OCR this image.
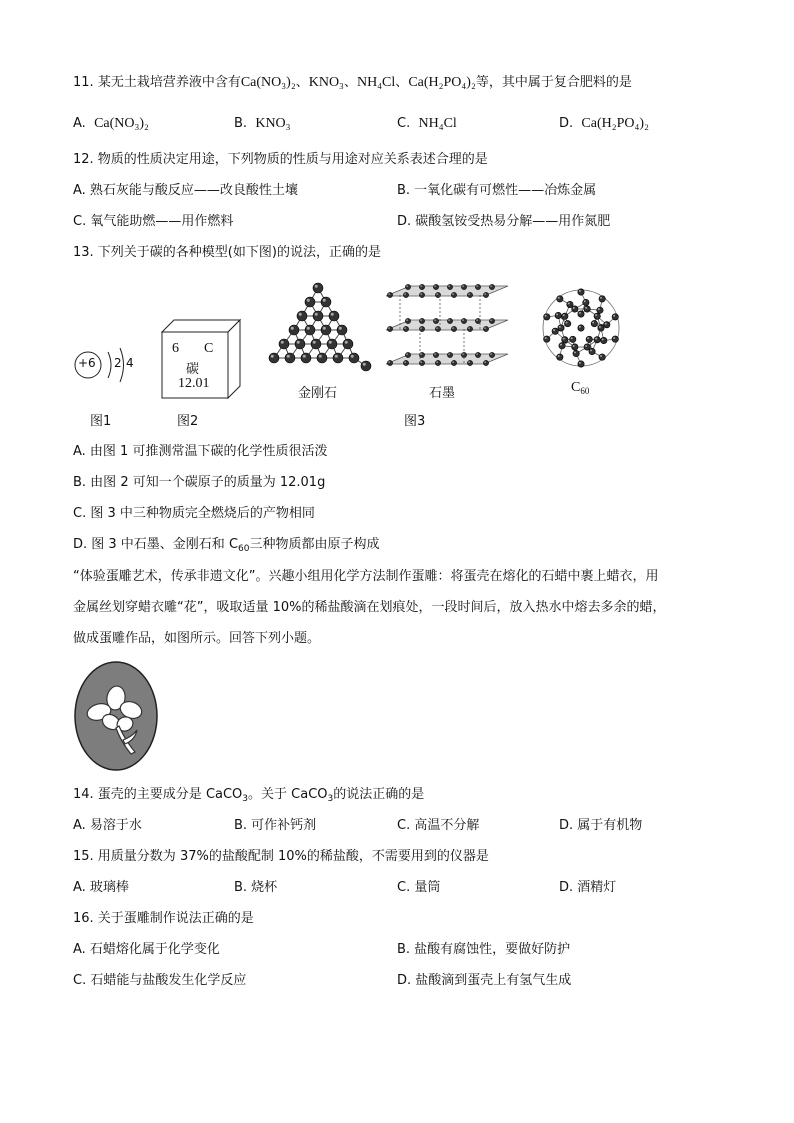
11. 某无土栽培营养液中含有Ca(NO₃)₂、KNO₃、NH₄Cl、Ca(H₂PO₄)₂等，其中属于复合肥料的是
A. Ca(NO₃)₂	B. KNO₃	C. NH₄Cl	D. Ca(H₂PO₄)₂
12. 物质的性质决定用途，下列物质的性质与用途对应关系表述合理的是
A. 熟石灰能与酸反应——改良酸性土壤	B. 一氧化碳有可燃性——冶炼金属
C. 氧气能助燃——用作燃料	D. 碳酸氢铵受热易分解——用作氮肥
13. 下列关于碳的各种模型(如下图)的说法，正确的是
+6 2 4
图1
6 C
碳
12.01
图2
金刚石	石墨
图3
$C_{60}$
A. 由图 1 可推测常温下碳的化学性质很活泼
B. 由图 2 可知一个碳原子的质量为 12.01g
C. 图 3 中三种物质完全燃烧后的产物相同
D. 图 3 中石墨、金刚石和 $C_{60}$三种物质都由原子构成
“体验蛋雕艺术，传承非遗文化”。兴趣小组用化学方法制作蛋雕：将蛋壳在熔化的石蜡中裹上蜡衣，用
金属丝划穿蜡衣雕“花”，吸取适量 10%的稀盐酸滴在划痕处，一段时间后，放入热水中熔去多余的蜡，
做成蛋雕作品，如图所示。回答下列小题。
14. 蛋壳的主要成分是 CaCO$_3$。关于 CaCO$_3$的说法正确的是
A. 易溶于水	B. 可作补钙剂	C. 高温不分解	D. 属于有机物
15. 用质量分数为 37%的盐酸配制 10%的稀盐酸，不需要用到的仪器是
A. 玻璃棒	B. 烧杯	C. 量筒	D. 酒精灯
16. 关于蛋雕制作说法正确的是
A. 石蜡熔化属于化学变化	B. 盐酸有腐蚀性，要做好防护
C. 石蜡能与盐酸发生化学反应	D. 盐酸滴到蛋壳上有氢气生成
